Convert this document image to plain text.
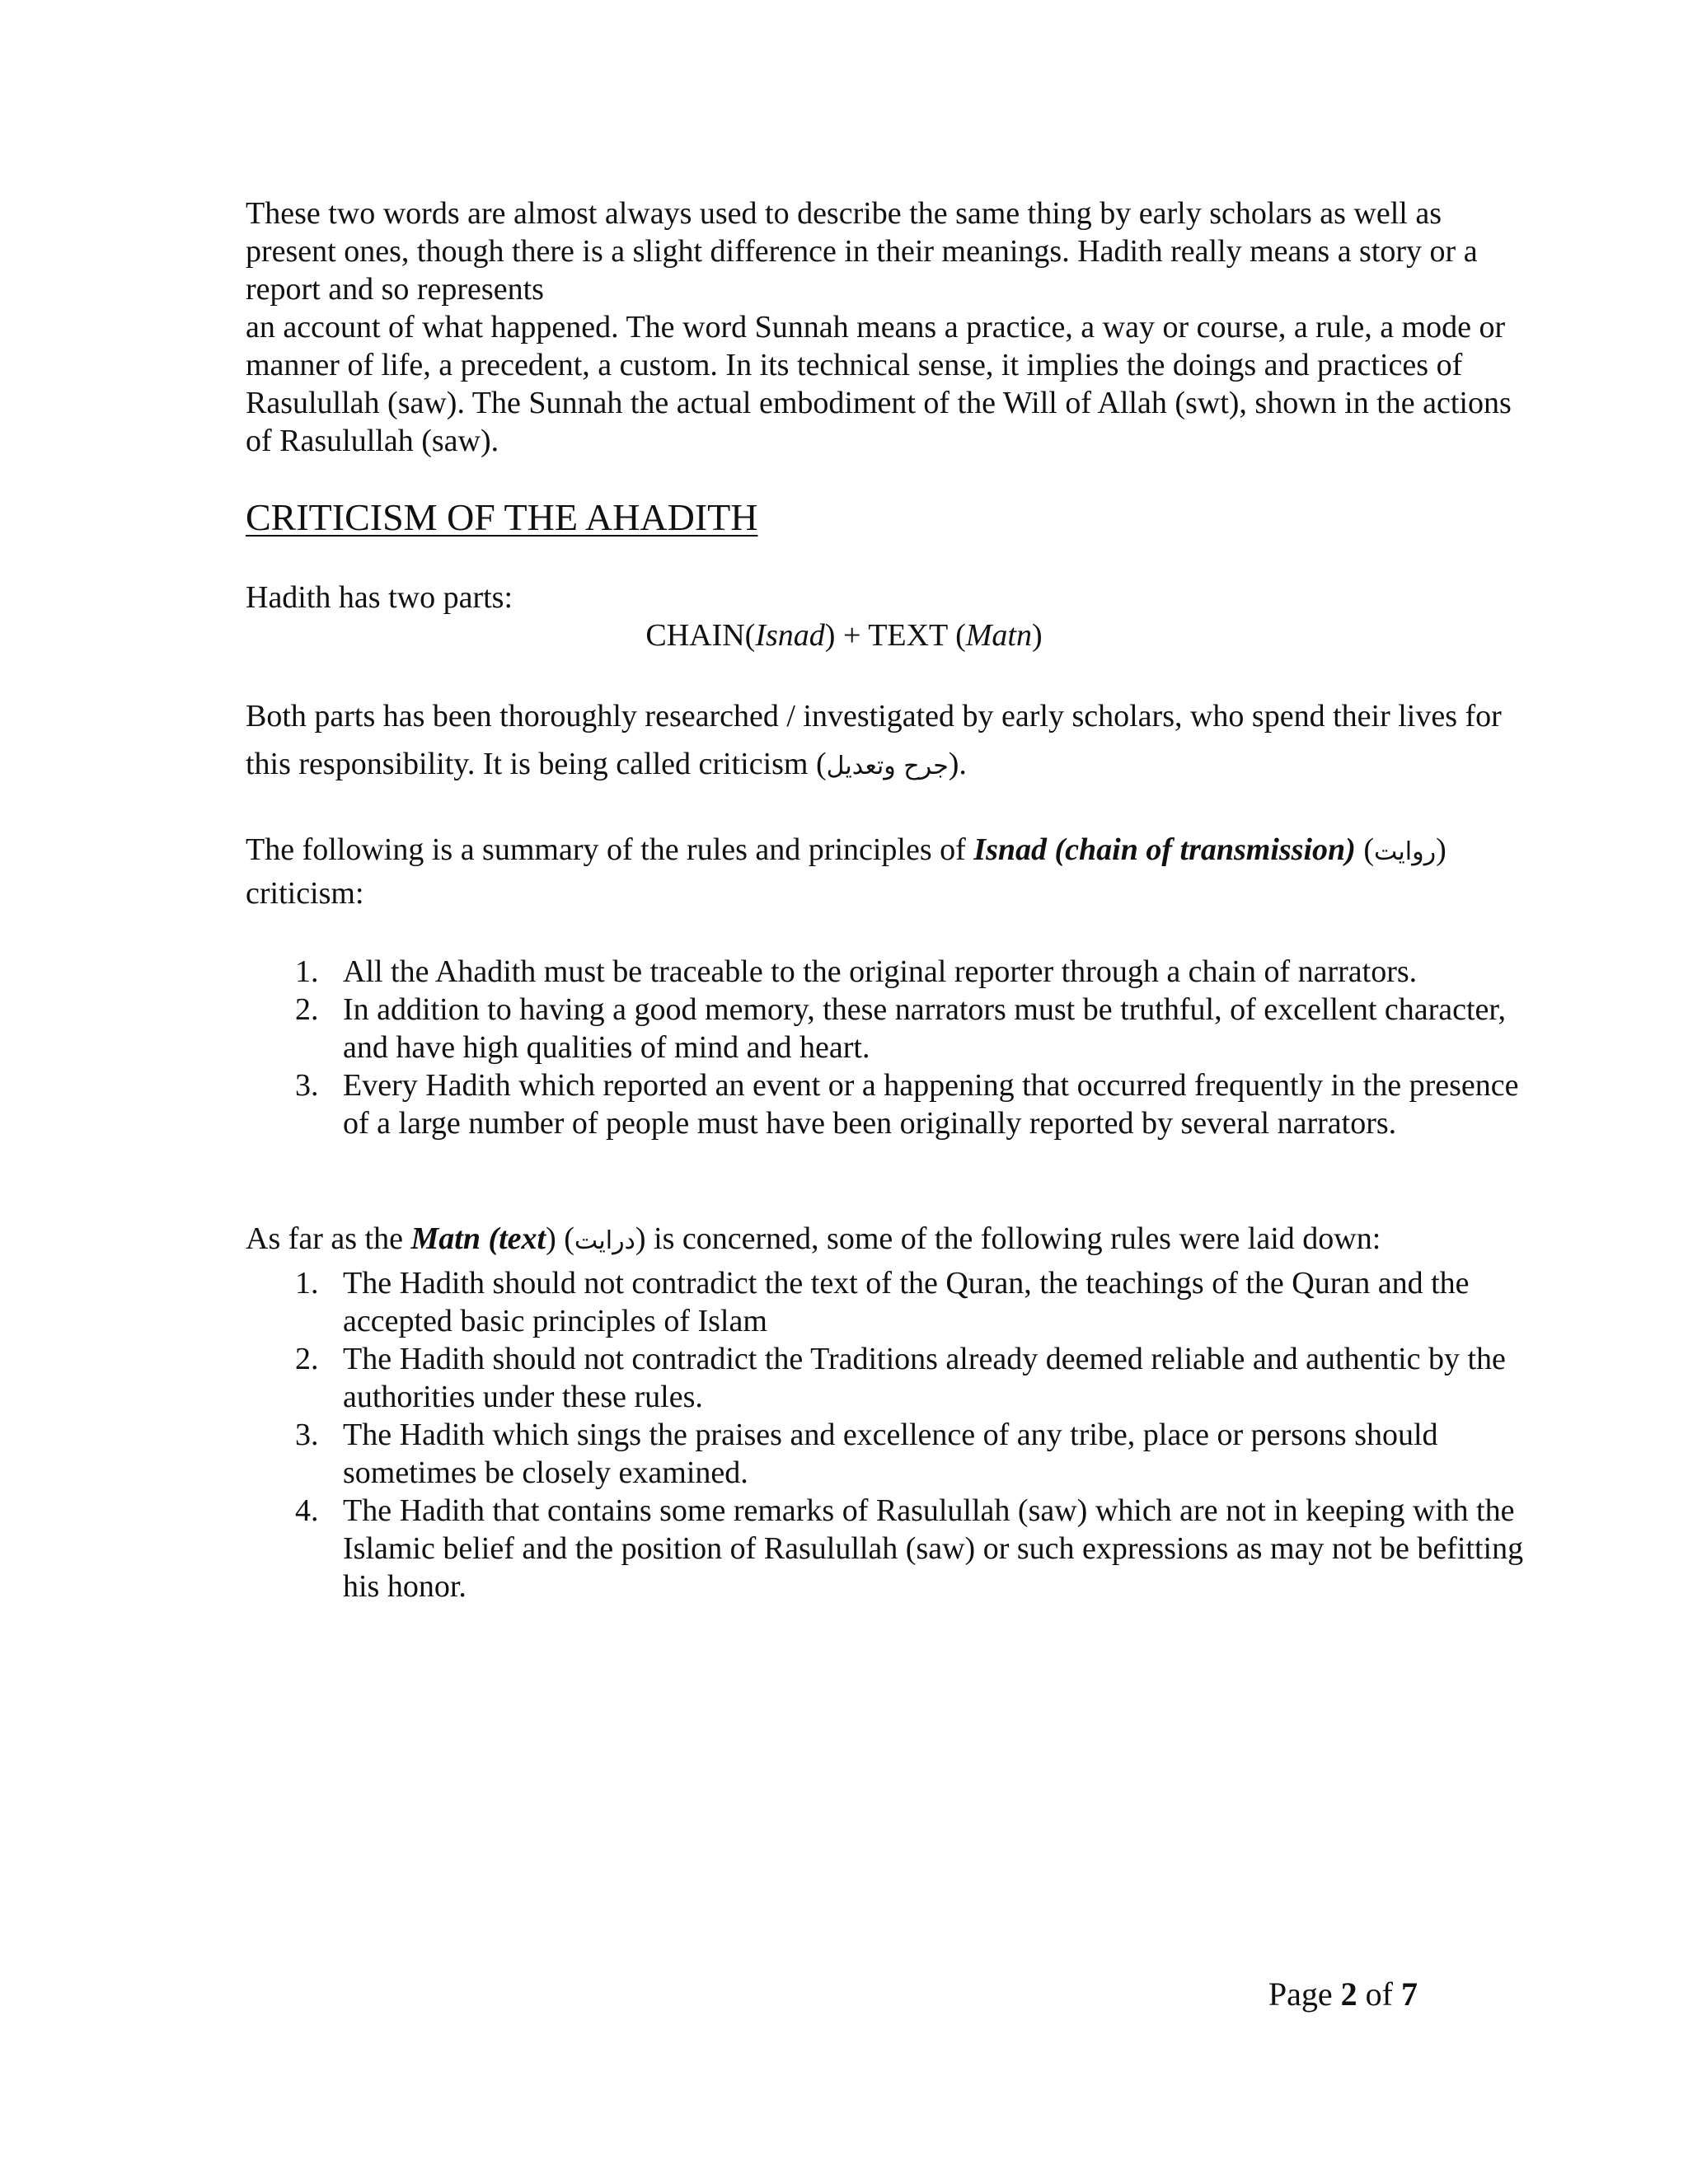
These two words are almost always used to describe the same thing by early scholars as well as present ones, though there is a slight difference in their meanings. Hadith really means a story or a report and so represents

an account of what happened. The word Sunnah means a practice, a way or course, a rule, a mode or manner of life, a precedent, a custom. In its technical sense, it implies the doings and practices of Rasulullah (saw). The Sunnah the actual embodiment of the Will of Allah (swt), shown in the actions of Rasulullah (saw).

CRITICISM OF THE AHADITH
Hadith has two parts:
CHAIN(Isnad) + TEXT (Matn)
Both parts has been thoroughly researched / investigated by early scholars, who spend their lives for this responsibility. It is being called criticism (جرح وتعدیل).
The following is a summary of the rules and principles of Isnad (chain of transmission) (روایت) criticism:
1. All the Ahadith must be traceable to the original reporter through a chain of narrators.
2. In addition to having a good memory, these narrators must be truthful, of excellent character, and have high qualities of mind and heart.
3. Every Hadith which reported an event or a happening that occurred frequently in the presence of a large number of people must have been originally reported by several narrators.
As far as the Matn (text) (درایت) is concerned, some of the following rules were laid down:
1. The Hadith should not contradict the text of the Quran, the teachings of the Quran and the accepted basic principles of Islam
2. The Hadith should not contradict the Traditions already deemed reliable and authentic by the authorities under these rules.
3. The Hadith which sings the praises and excellence of any tribe, place or persons should sometimes be closely examined.
4. The Hadith that contains some remarks of Rasulullah (saw) which are not in keeping with the Islamic belief and the position of Rasulullah (saw) or such expressions as may not be befitting his honor.
Page 2 of 7
